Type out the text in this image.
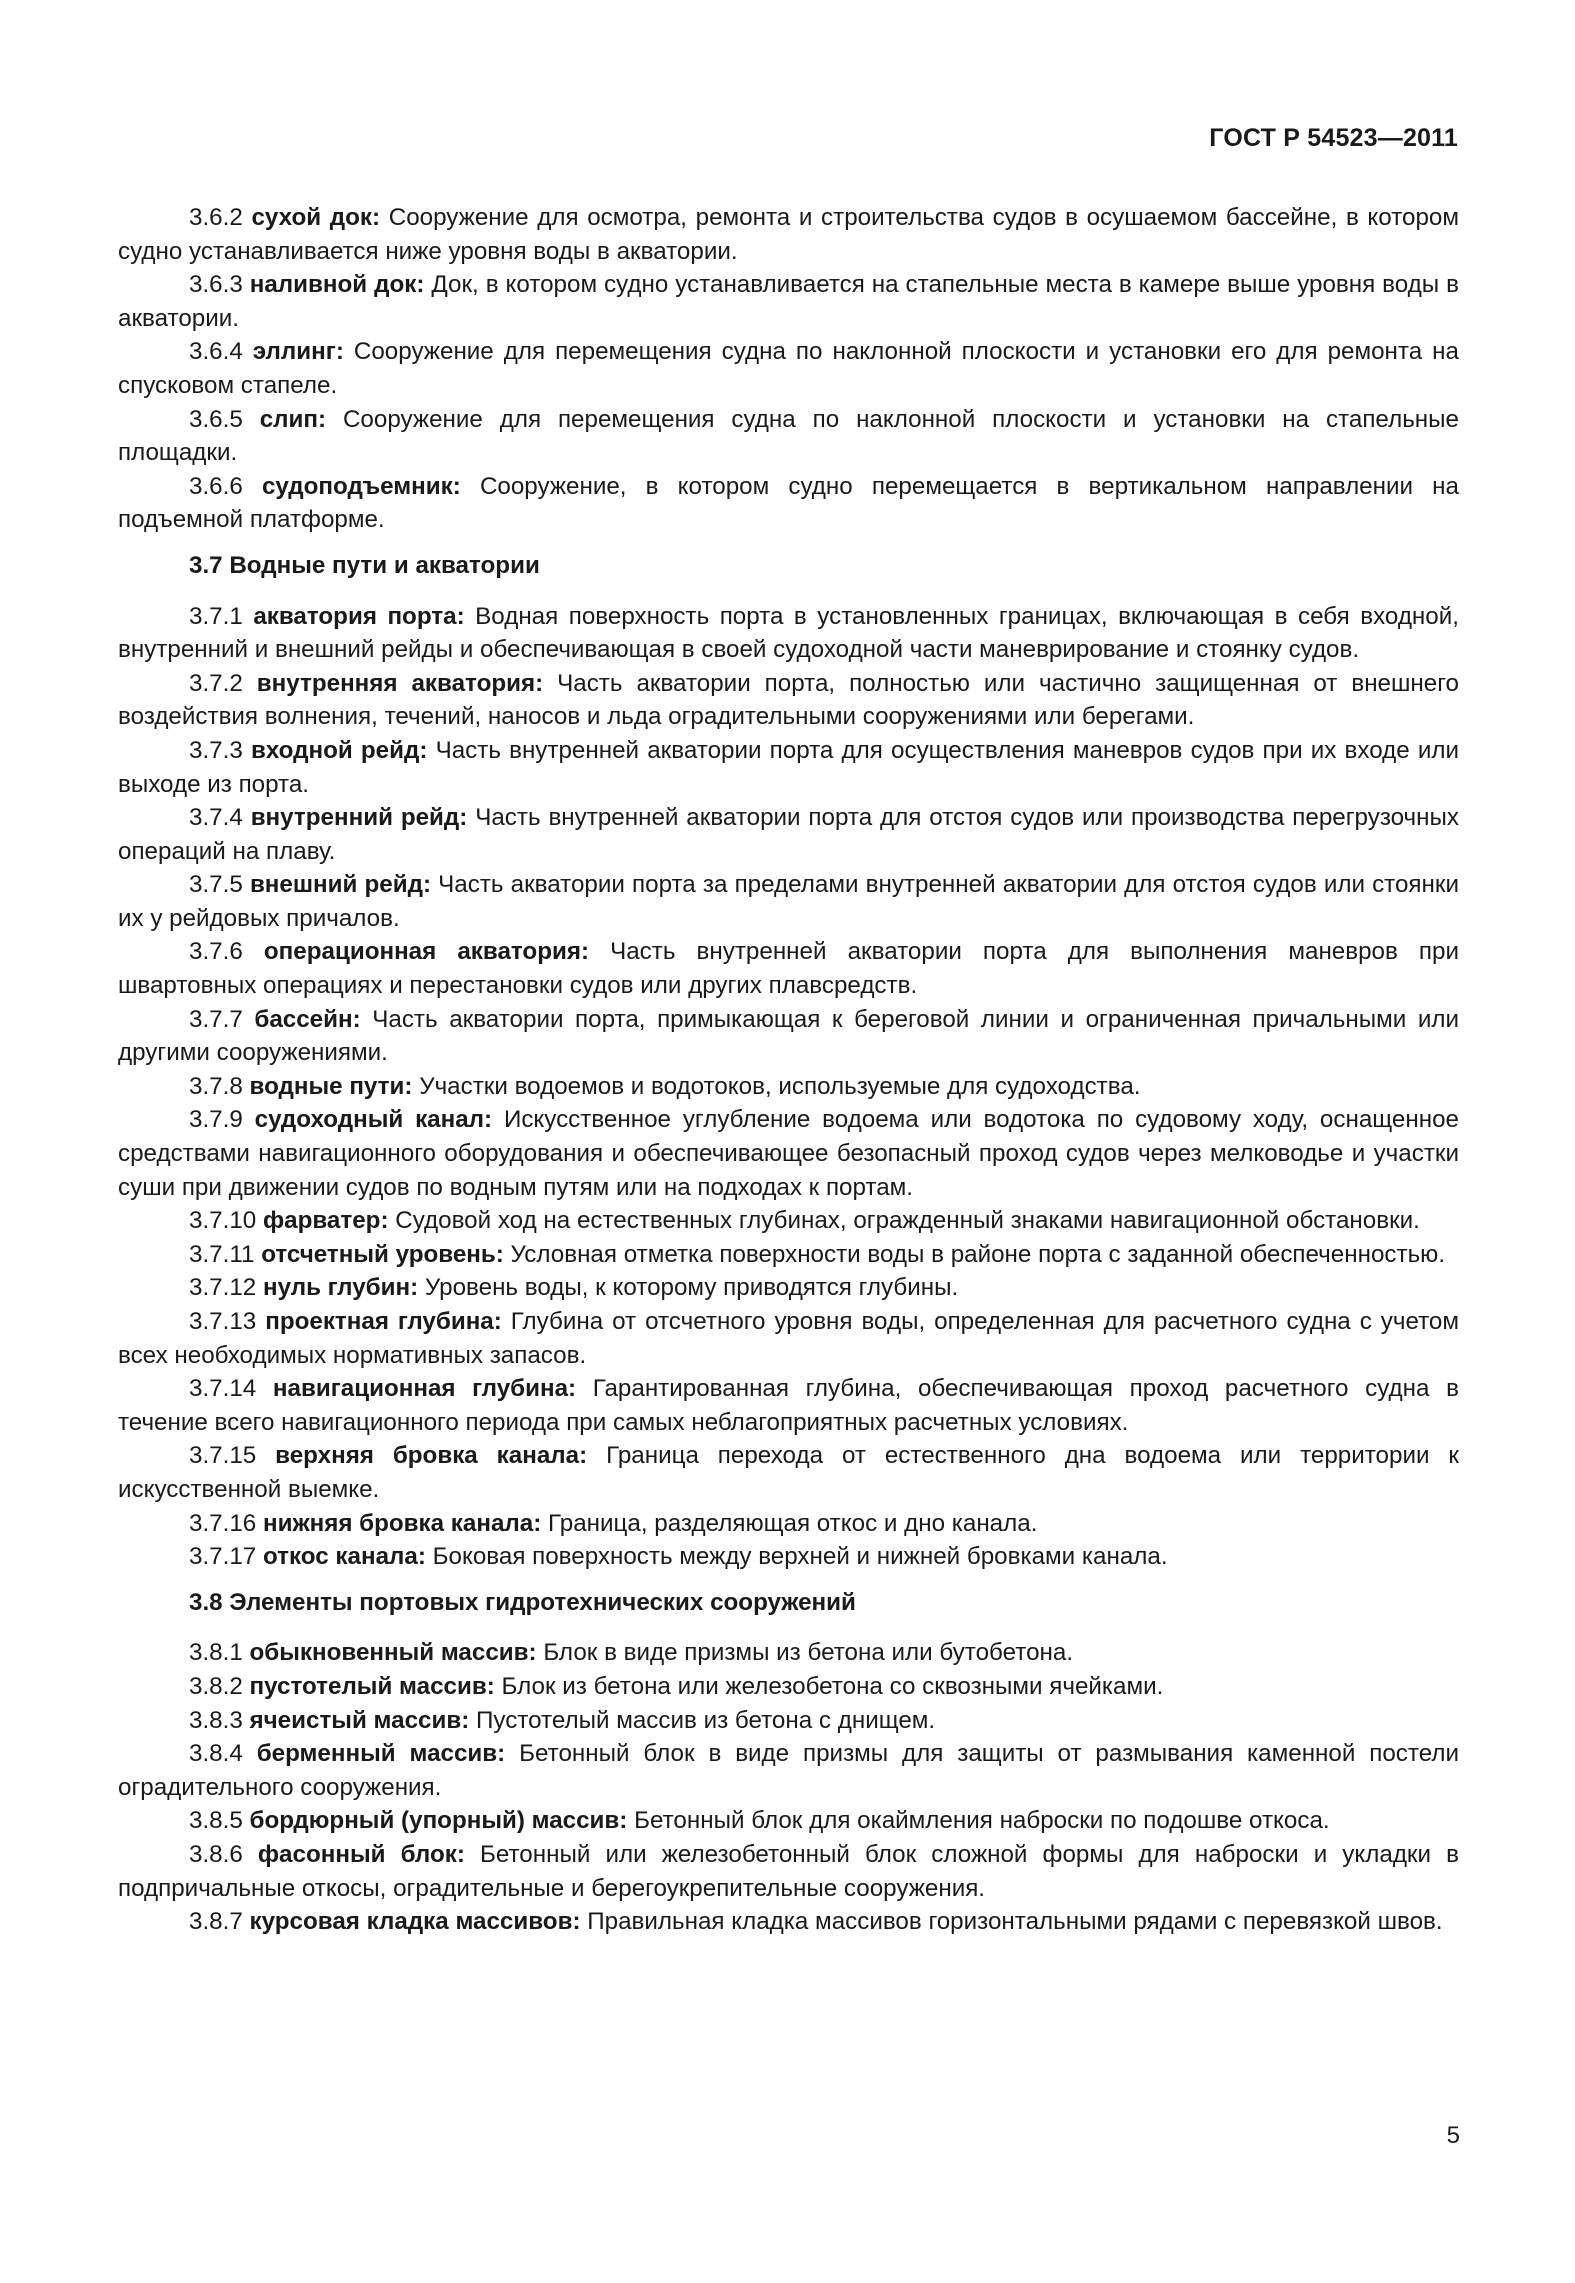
ГОСТ Р 54523—2011

3.6.2 сухой док: Сооружение для осмотра, ремонта и строительства судов в осушаемом бассейне, в котором судно устанавливается ниже уровня воды в акватории.

3.6.3 наливной док: Док, в котором судно устанавливается на стапельные места в камере выше уровня воды в акватории.

3.6.4 эллинг: Сооружение для перемещения судна по наклонной плоскости и установки его для ремонта на спусковом стапеле.

3.6.5 слип: Сооружение для перемещения судна по наклонной плоскости и установки на стапельные площадки.

3.6.6 судоподъемник: Сооружение, в котором судно перемещается в вертикальном направлении на подъемной платформе.

3.7 Водные пути и акватории

3.7.1 акватория порта: Водная поверхность порта в установленных границах, включающая в себя входной, внутренний и внешний рейды и обеспечивающая в своей судоходной части маневрирование и стоянку судов.

3.7.2 внутренняя акватория: Часть акватории порта, полностью или частично защищенная от внешнего воздействия волнения, течений, наносов и льда оградительными сооружениями или берегами.

3.7.3 входной рейд: Часть внутренней акватории порта для осуществления маневров судов при их входе или выходе из порта.

3.7.4 внутренний рейд: Часть внутренней акватории порта для отстоя судов или производства перегрузочных операций на плаву.

3.7.5 внешний рейд: Часть акватории порта за пределами внутренней акватории для отстоя судов или стоянки их у рейдовых причалов.

3.7.6 операционная акватория: Часть внутренней акватории порта для выполнения маневров при швартовных операциях и перестановки судов или других плавсредств.

3.7.7 бассейн: Часть акватории порта, примыкающая к береговой линии и ограниченная причальными или другими сооружениями.

3.7.8 водные пути: Участки водоемов и водотоков, используемые для судоходства.

3.7.9 судоходный канал: Искусственное углубление водоема или водотока по судовому ходу, оснащенное средствами навигационного оборудования и обеспечивающее безопасный проход судов через мелководье и участки суши при движении судов по водным путям или на подходах к портам.

3.7.10 фарватер: Судовой ход на естественных глубинах, огражденный знаками навигационной обстановки.

3.7.11 отсчетный уровень: Условная отметка поверхности воды в районе порта с заданной обеспеченностью.

3.7.12 нуль глубин: Уровень воды, к которому приводятся глубины.

3.7.13 проектная глубина: Глубина от отсчетного уровня воды, определенная для расчетного судна с учетом всех необходимых нормативных запасов.

3.7.14 навигационная глубина: Гарантированная глубина, обеспечивающая проход расчетного судна в течение всего навигационного периода при самых неблагоприятных расчетных условиях.

3.7.15 верхняя бровка канала: Граница перехода от естественного дна водоема или территории к искусственной выемке.

3.7.16 нижняя бровка канала: Граница, разделяющая откос и дно канала.

3.7.17 откос канала: Боковая поверхность между верхней и нижней бровками канала.

3.8 Элементы портовых гидротехнических сооружений

3.8.1 обыкновенный массив: Блок в виде призмы из бетона или бутобетона.

3.8.2 пустотелый массив: Блок из бетона или железобетона со сквозными ячейками.

3.8.3 ячеистый массив: Пустотелый массив из бетона с днищем.

3.8.4 берменный массив: Бетонный блок в виде призмы для защиты от размывания каменной постели оградительного сооружения.

3.8.5 бордюрный (упорный) массив: Бетонный блок для окаймления наброски по подошве откоса.

3.8.6 фасонный блок: Бетонный или железобетонный блок сложной формы для наброски и укладки в подпричальные откосы, оградительные и берегоукрепительные сооружения.

3.8.7 курсовая кладка массивов: Правильная кладка массивов горизонтальными рядами с перевязкой швов.

5
